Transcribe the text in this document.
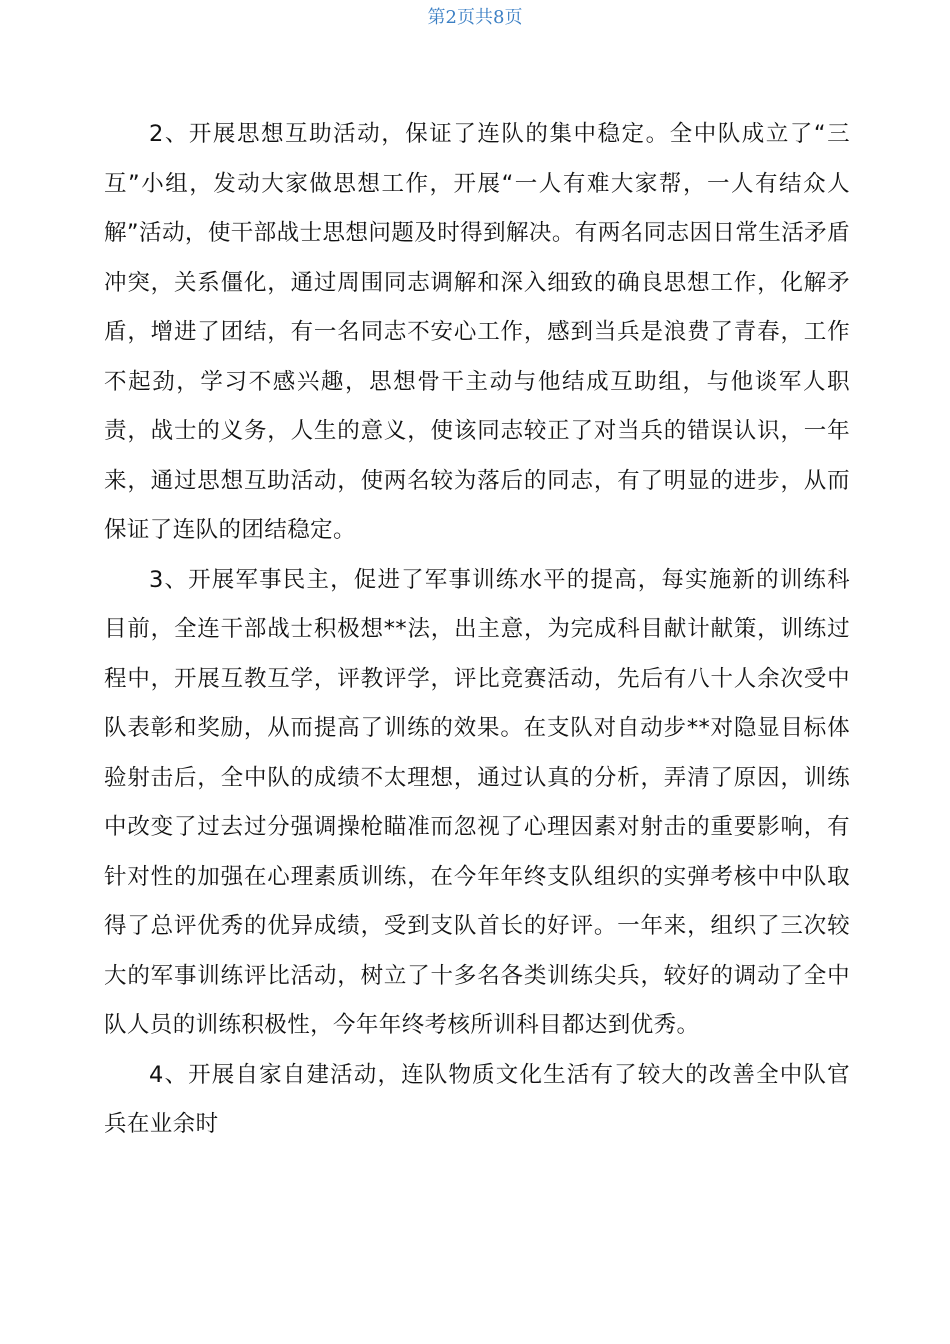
第2页共8页

2、开展思想互助活动，保证了连队的集中稳定。全中队成立了“三互”小组，发动大家做思想工作，开展“一人有难大家帮，一人有结众人解”活动，使干部战士思想问题及时得到解决。有两名同志因日常生活矛盾冲突，关系僵化，通过周围同志调解和深入细致的确良思想工作，化解矛盾，增进了团结，有一名同志不安心工作，感到当兵是浪费了青春，工作不起劲，学习不感兴趣，思想骨干主动与他结成互助组，与他谈军人职责，战士的义务，人生的意义，使该同志较正了对当兵的错误认识，一年来，通过思想互助活动，使两名较为落后的同志，有了明显的进步，从而保证了连队的团结稳定。

3、开展军事民主，促进了军事训练水平的提高，每实施新的训练科目前，全连干部战士积极想**法，出主意，为完成科目献计献策，训练过程中，开展互教互学，评教评学，评比竞赛活动，先后有八十人余次受中队表彰和奖励，从而提高了训练的效果。在支队对自动步**对隐显目标体验射击后，全中队的成绩不太理想，通过认真的分析，弄清了原因，训练中改变了过去过分强调操枪瞄准而忽视了心理因素对射击的重要影响，有针对性的加强在心理素质训练，在今年年终支队组织的实弹考核中中队取得了总评优秀的优异成绩，受到支队首长的好评。一年来，组织了三次较大的军事训练评比活动，树立了十多名各类训练尖兵，较好的调动了全中队人员的训练积极性，今年年终考核所训科目都达到优秀。

4、开展自家自建活动，连队物质文化生活有了较大的改善全中队官兵在业余时
